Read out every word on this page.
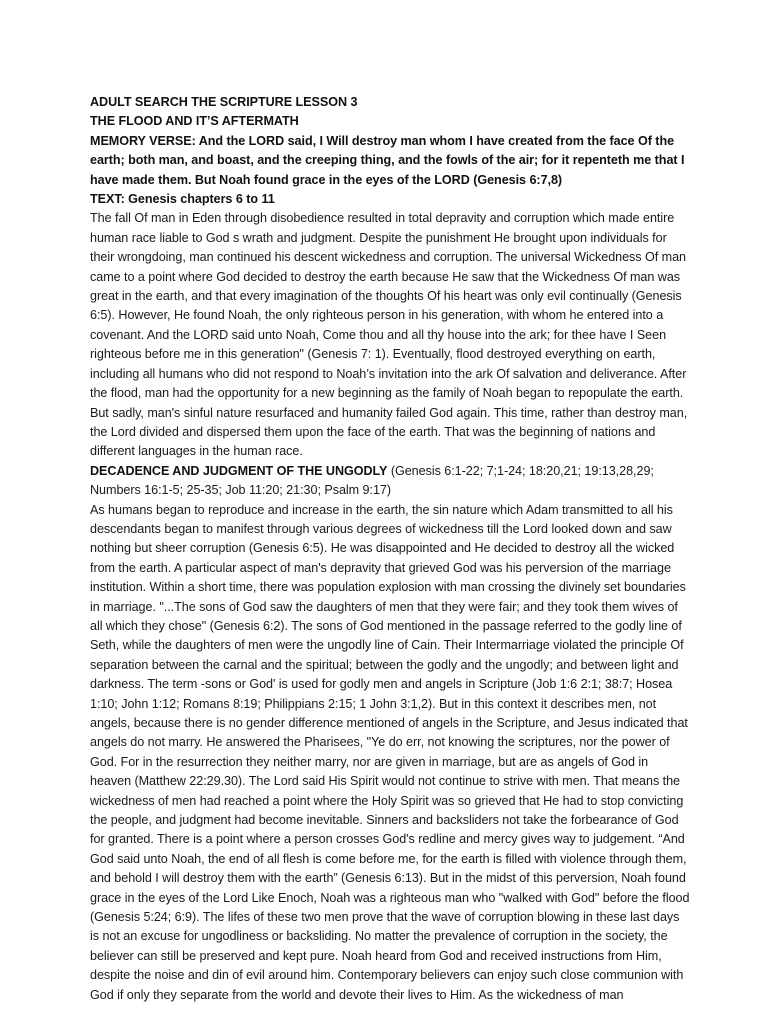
ADULT SEARCH THE SCRIPTURE LESSON 3
THE FLOOD AND IT’S AFTERMATH
MEMORY VERSE: And the LORD said, I Will destroy man whom I have created from the face Of the earth; both man, and boast, and the creeping thing, and the fowls of the air; for it repenteth me that I have made them. But Noah found grace in the eyes of the LORD (Genesis 6:7,8)
TEXT: Genesis chapters 6 to 11
The fall Of man in Eden through disobedience resulted in total depravity and corruption which made entire human race liable to God s wrath and judgment. Despite the punishment He brought upon individuals for their wrongdoing, man continued his descent wickedness and corruption. The universal Wickedness Of man came to a point where God decided to destroy the earth because He saw that the Wickedness Of man was great in the earth, and that every imagination of the thoughts Of his heart was only evil continually (Genesis 6:5). However, He found Noah, the only righteous person in his generation, with whom he entered into a covenant. And the LORD said unto Noah, Come thou and all thy house into the ark; for thee have I Seen righteous before me in this generation" (Genesis 7: 1). Eventually, flood destroyed everything on earth, including all humans who did not respond to Noah’s invitation into the ark Of salvation and deliverance. After the flood, man had the opportunity for a new beginning as the family of Noah began to repopulate the earth. But sadly, man's sinful nature resurfaced and humanity failed God again. This time, rather than destroy man, the Lord divided and dispersed them upon the face of the earth. That was the beginning of nations and different languages in the human race.
DECADENCE AND JUDGMENT OF THE UNGODLY (Genesis 6:1-22; 7;1-24; 18:20,21; 19:13,28,29; Numbers 16:1-5; 25-35; Job 11:20; 21:30; Psalm 9:17)
As humans began to reproduce and increase in the earth, the sin nature which Adam transmitted to all his descendants began to manifest through various degrees of wickedness till the Lord looked down and saw nothing but sheer corruption (Genesis 6:5). He was disappointed and He decided to destroy all the wicked from the earth. A particular aspect of man's depravity that grieved God was his perversion of the marriage institution. Within a short time, there was population explosion with man crossing the divinely set boundaries in marriage. "...The sons of God saw the daughters of men that they were fair; and they took them wives of all which they chose" (Genesis 6:2). The sons of God mentioned in the passage referred to the godly line of Seth, while the daughters of men were the ungodly line of Cain. Their Intermarriage violated the principle Of separation between the carnal and the spiritual; between the godly and the ungodly; and between light and darkness. The term -sons or God' is used for godly men and angels in Scripture (Job 1:6 2:1; 38:7; Hosea 1:10; John 1:12; Romans 8:19; Philippians 2:15; 1 John 3:1,2). But in this context it describes men, not angels, because there is no gender difference mentioned of angels in the Scripture, and Jesus indicated that angels do not marry. He answered the Pharisees, "Ye do err, not knowing the scriptures, nor the power of God. For in the resurrection they neither marry, nor are given in marriage, but are as angels of God in heaven (Matthew 22:29.30). The Lord said His Spirit would not continue to strive with men. That means the wickedness of men had reached a point where the Holy Spirit was so grieved that He had to stop convicting the people, and judgment had become inevitable. Sinners and backsliders not take the forbearance of God for granted. There is a point where a person crosses God's redline and mercy gives way to judgement. “And God said unto Noah, the end of all flesh is come before me, for the earth is filled with violence through them, and behold I will destroy them with the earth” (Genesis 6:13). But in the midst of this perversion, Noah found grace in the eyes of the Lord Like Enoch, Noah was a righteous man who "walked with God" before the flood (Genesis 5:24; 6:9). The lifes of these two men prove that the wave of corruption blowing in these last days is not an excuse for ungodliness or backsliding. No matter the prevalence of corruption in the society, the believer can still be preserved and kept pure. Noah heard from God and received instructions from Him, despite the noise and din of evil around him. Contemporary believers can enjoy such close communion with God if only they separate from the world and devote their lives to Him. As the wickedness of man
